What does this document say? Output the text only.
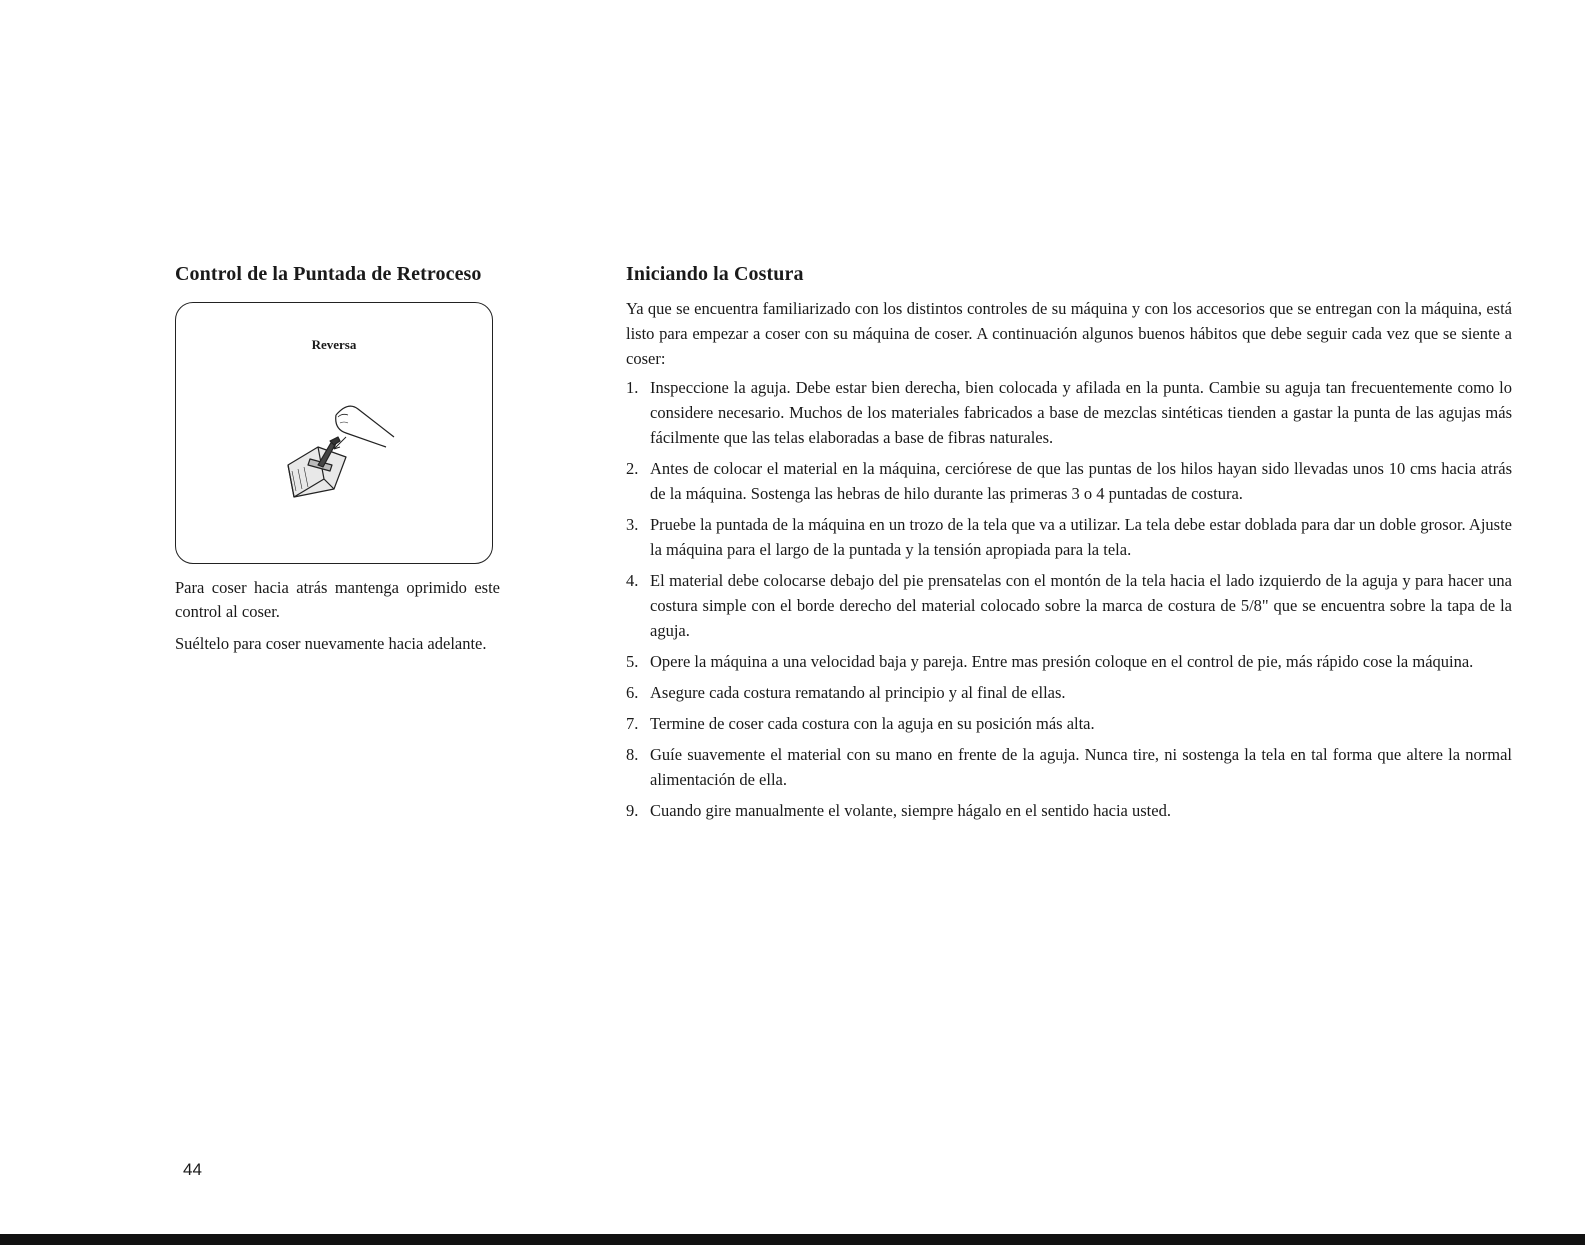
Control de la Puntada de Retroceso
Reversa

Para coser hacia atrás mantenga oprimido este control al coser.

Suéltelo para coser nuevamente hacia adelante.

Iniciando la Costura

Ya que se encuentra familiarizado con los distintos controles de su máquina y con los accesorios que se entregan con la máquina, está listo para empezar a coser con su máquina de coser. A continuación algunos buenos hábitos que debe seguir cada vez que se siente a coser:

1. Inspeccione la aguja. Debe estar bien derecha, bien colocada y afilada en la punta. Cambie su aguja tan frecuentemente como lo considere necesario. Muchos de los materiales fabricados a base de mezclas sintéticas tienden a gastar la punta de las agujas más fácilmente que las telas elaboradas a base de fibras naturales.
2. Antes de colocar el material en la máquina, cerciórese de que las puntas de los hilos hayan sido llevadas unos 10 cms hacia atrás de la máquina. Sostenga las hebras de hilo durante las primeras 3 o 4 puntadas de costura.
3. Pruebe la puntada de la máquina en un trozo de la tela que va a utilizar. La tela debe estar doblada para dar un doble grosor. Ajuste la máquina para el largo de la puntada y la tensión apropiada para la tela.
4. El material debe colocarse debajo del pie prensatelas con el montón de la tela hacia el lado izquierdo de la aguja y para hacer una costura simple con el borde derecho del material colocado sobre la marca de costura de 5/8" que se encuentra sobre la tapa de la aguja.
5. Opere la máquina a una velocidad baja y pareja. Entre mas presión coloque en el control de pie, más rápido cose la máquina.
6. Asegure cada costura rematando al principio y al final de ellas.
7. Termine de coser cada costura con la aguja en su posición más alta.
8. Guíe suavemente el material con su mano en frente de la aguja. Nunca tire, ni sostenga la tela en tal forma que altere la normal alimentación de ella.
9. Cuando gire manualmente el volante, siempre hágalo en el sentido hacia usted.
44
